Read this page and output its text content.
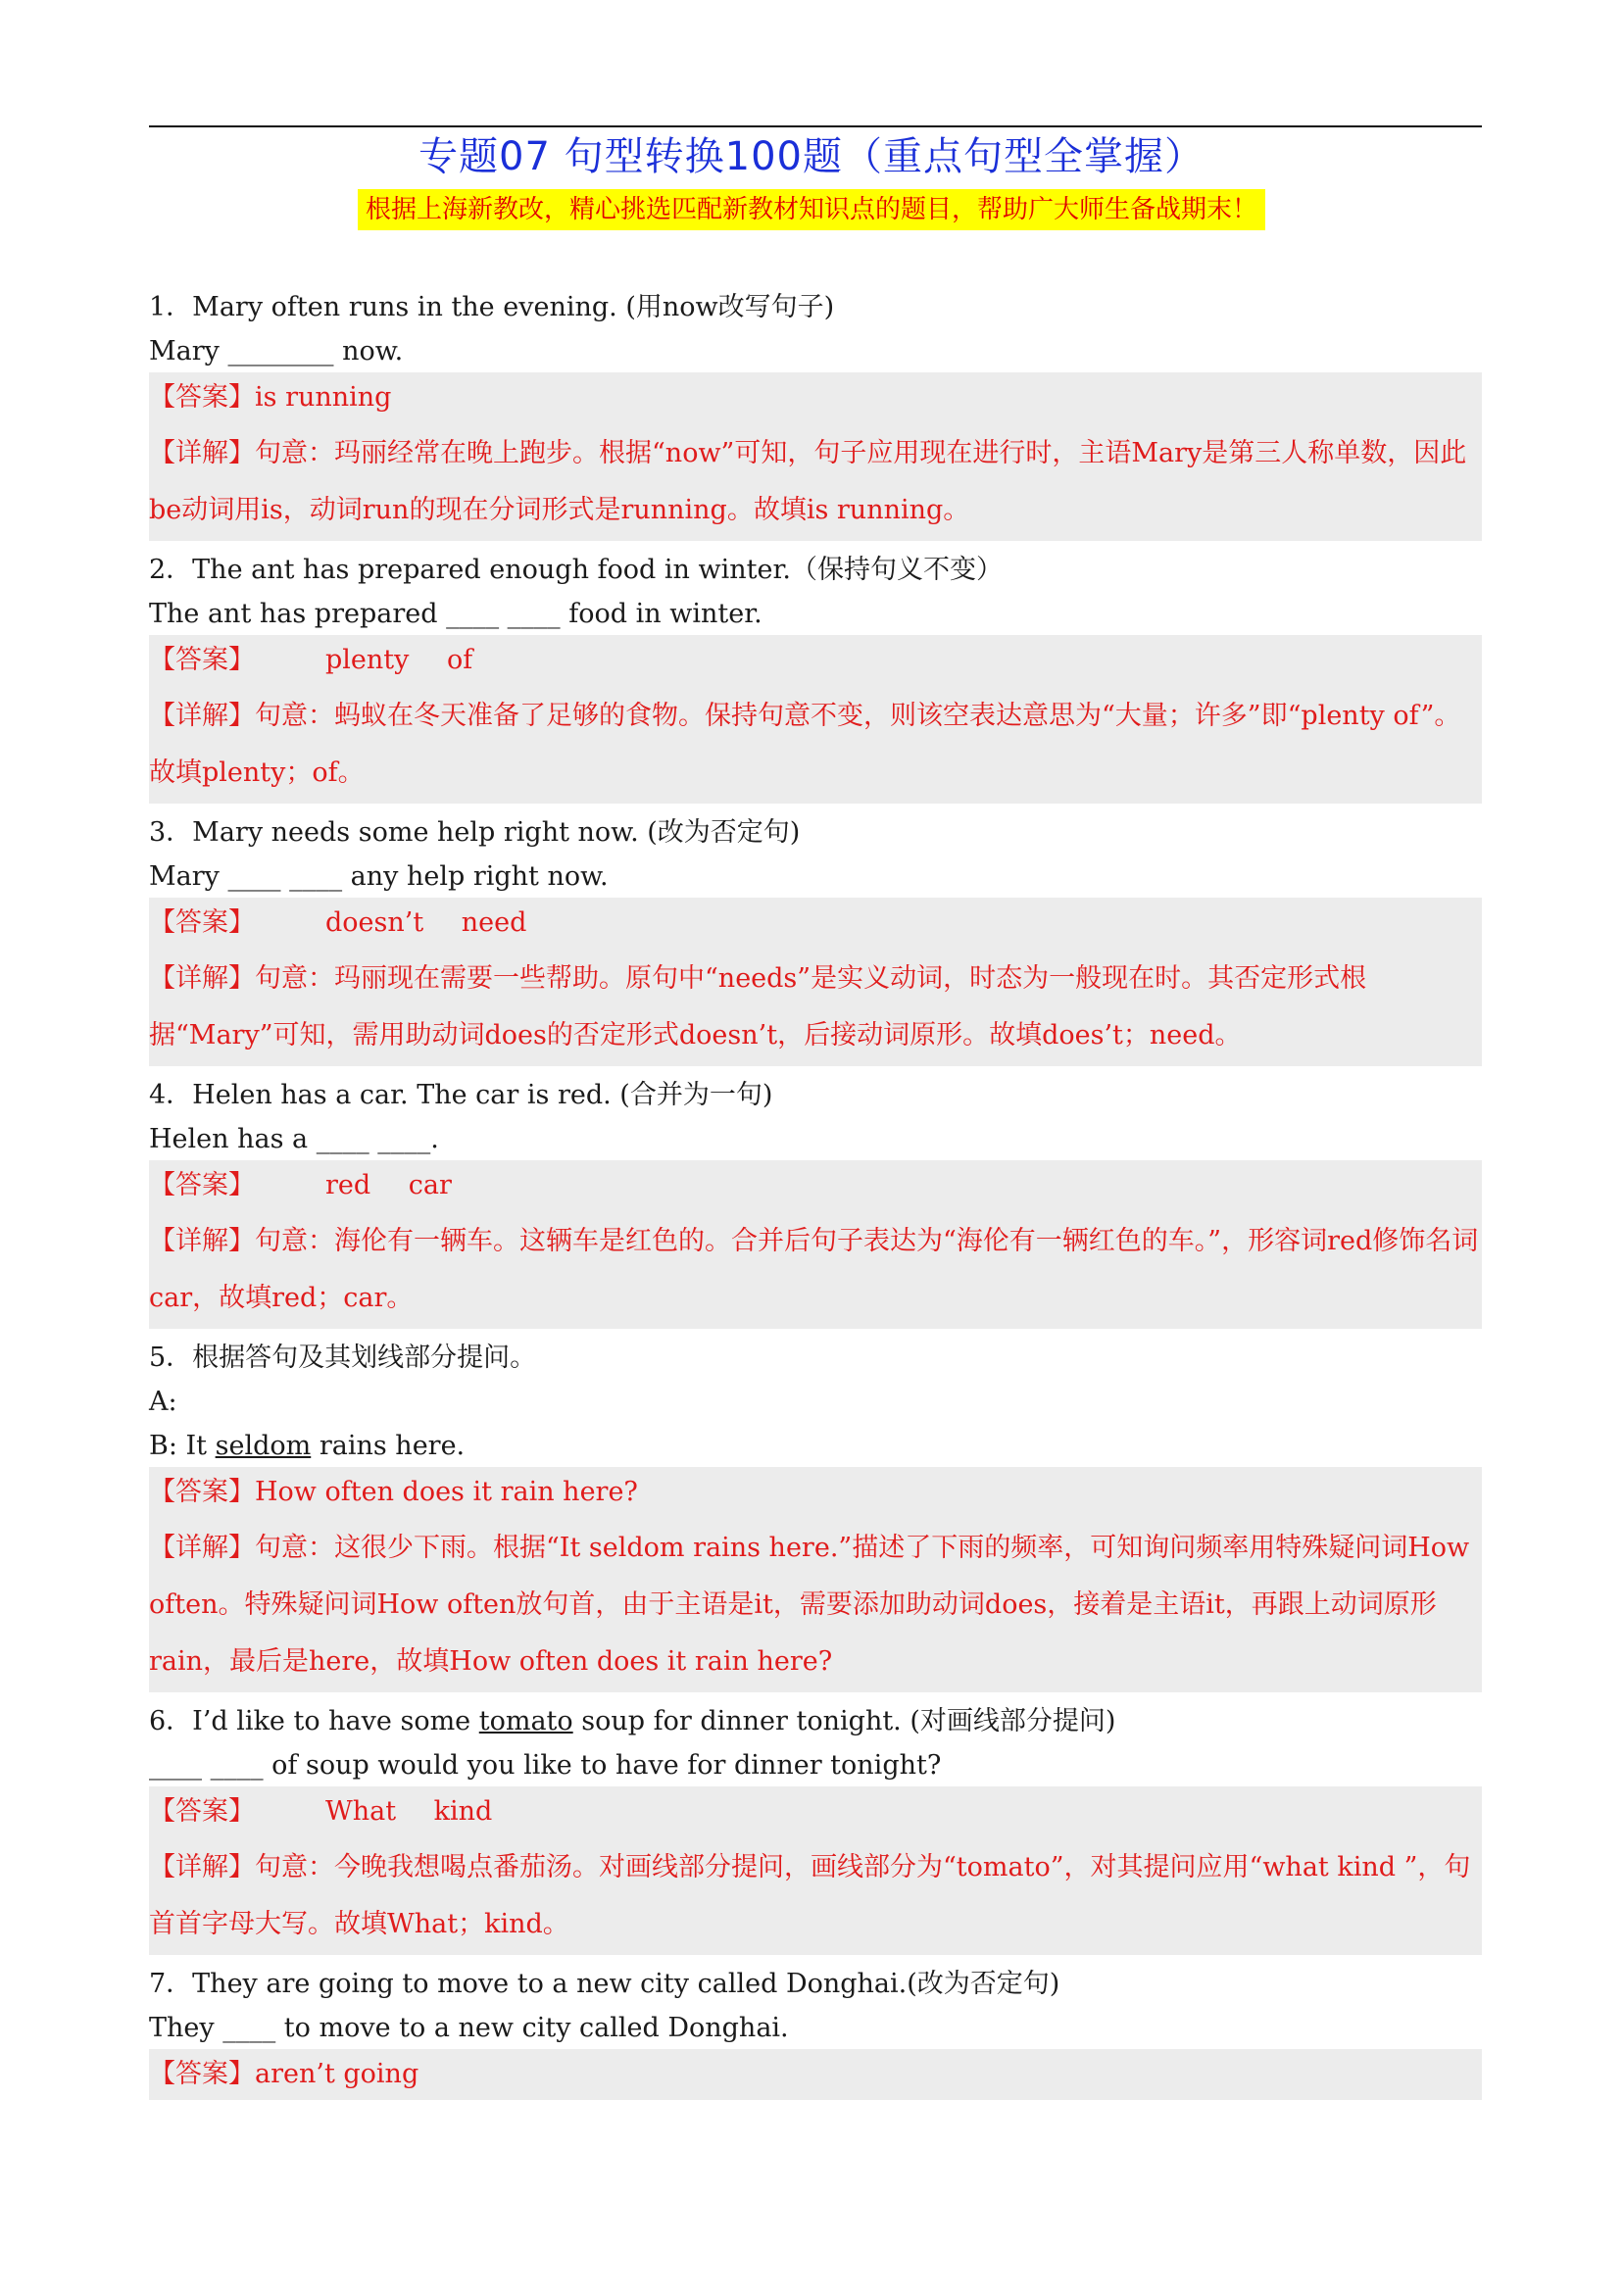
专题07 句型转换100题（重点句型全掌握）
根据上海新教改，精心挑选匹配新教材知识点的题目，帮助广大师生备战期末！
1．Mary often runs in the evening. (用now改写句子)
Mary ________ now.
【答案】is running
【详解】句意：玛丽经常在晚上跑步。根据“now”可知，句子应用现在进行时，主语Mary是第三人称单数，因此be动词用is，动词run的现在分词形式是running。故填is running。
2．The ant has prepared enough food in winter.（保持句义不变）
The ant has prepared ____ ____ food in winter.
【答案】	plenty of
【详解】句意：蚂蚁在冬天准备了足够的食物。保持句意不变，则该空表达意思为“大量；许多”即“plenty of”。故填plenty；of。
3．Mary needs some help right now. (改为否定句)
Mary ____ ____ any help right now.
【答案】	doesn’t need
【详解】句意：玛丽现在需要一些帮助。原句中“needs”是实义动词，时态为一般现在时。其否定形式根据“Mary”可知，需用助动词does的否定形式doesn’t，后接动词原形。故填does’t；need。
4．Helen has a car. The car is red. (合并为一句)
Helen has a ____ ____.
【答案】	red car
【详解】句意：海伦有一辆车。这辆车是红色的。合并后句子表达为“海伦有一辆红色的车。”，形容词red修饰名词car，故填red；car。
5．根据答句及其划线部分提问。
A:
B: It seldom rains here.
【答案】How often does it rain here?
【详解】句意：这很少下雨。根据“It seldom rains here.”描述了下雨的频率，可知询问频率用特殊疑问词How often。特殊疑问词How often放句首，由于主语是it，需要添加助动词does，接着是主语it，再跟上动词原形rain，最后是here，故填How often does it rain here?
6．I’d like to have some tomato soup for dinner tonight. (对画线部分提问)
____ ____ of soup would you like to have for dinner tonight?
【答案】	What kind
【详解】句意：今晚我想喝点番茄汤。对画线部分提问，画线部分为“tomato”，对其提问应用“what kind ”，句首首字母大写。故填What；kind。
7．They are going to move to a new city called Donghai.(改为否定句)
They ____ to move to a new city called Donghai.
【答案】aren’t going
